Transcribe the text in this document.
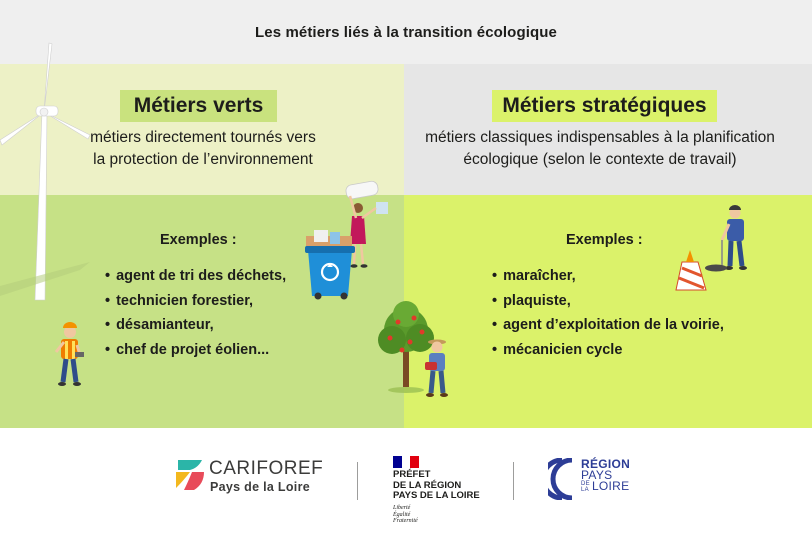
Les métiers liés à la transition écologique
Métiers verts	Métiers stratégiques
métiers directement tournés vers
la protection de l’environnement
métiers classiques indispensables à la planification
écologique (selon le contexte de travail)
Exemples :
• agent de tri des déchets,
• technicien forestier,
• désamianteur,
• chef de projet éolien...
Exemples :
• maraîcher,
• plaquiste,
• agent d’exploitation de la voirie,
• mécanicien cycle
CARIFOREF
Pays de la Loire
PRÉFET
DE LA RÉGION
PAYS DE LA LOIRE
Liberté
Égalité
Fraternité
RÉGION
PAYS
DE
LA LOIRE
